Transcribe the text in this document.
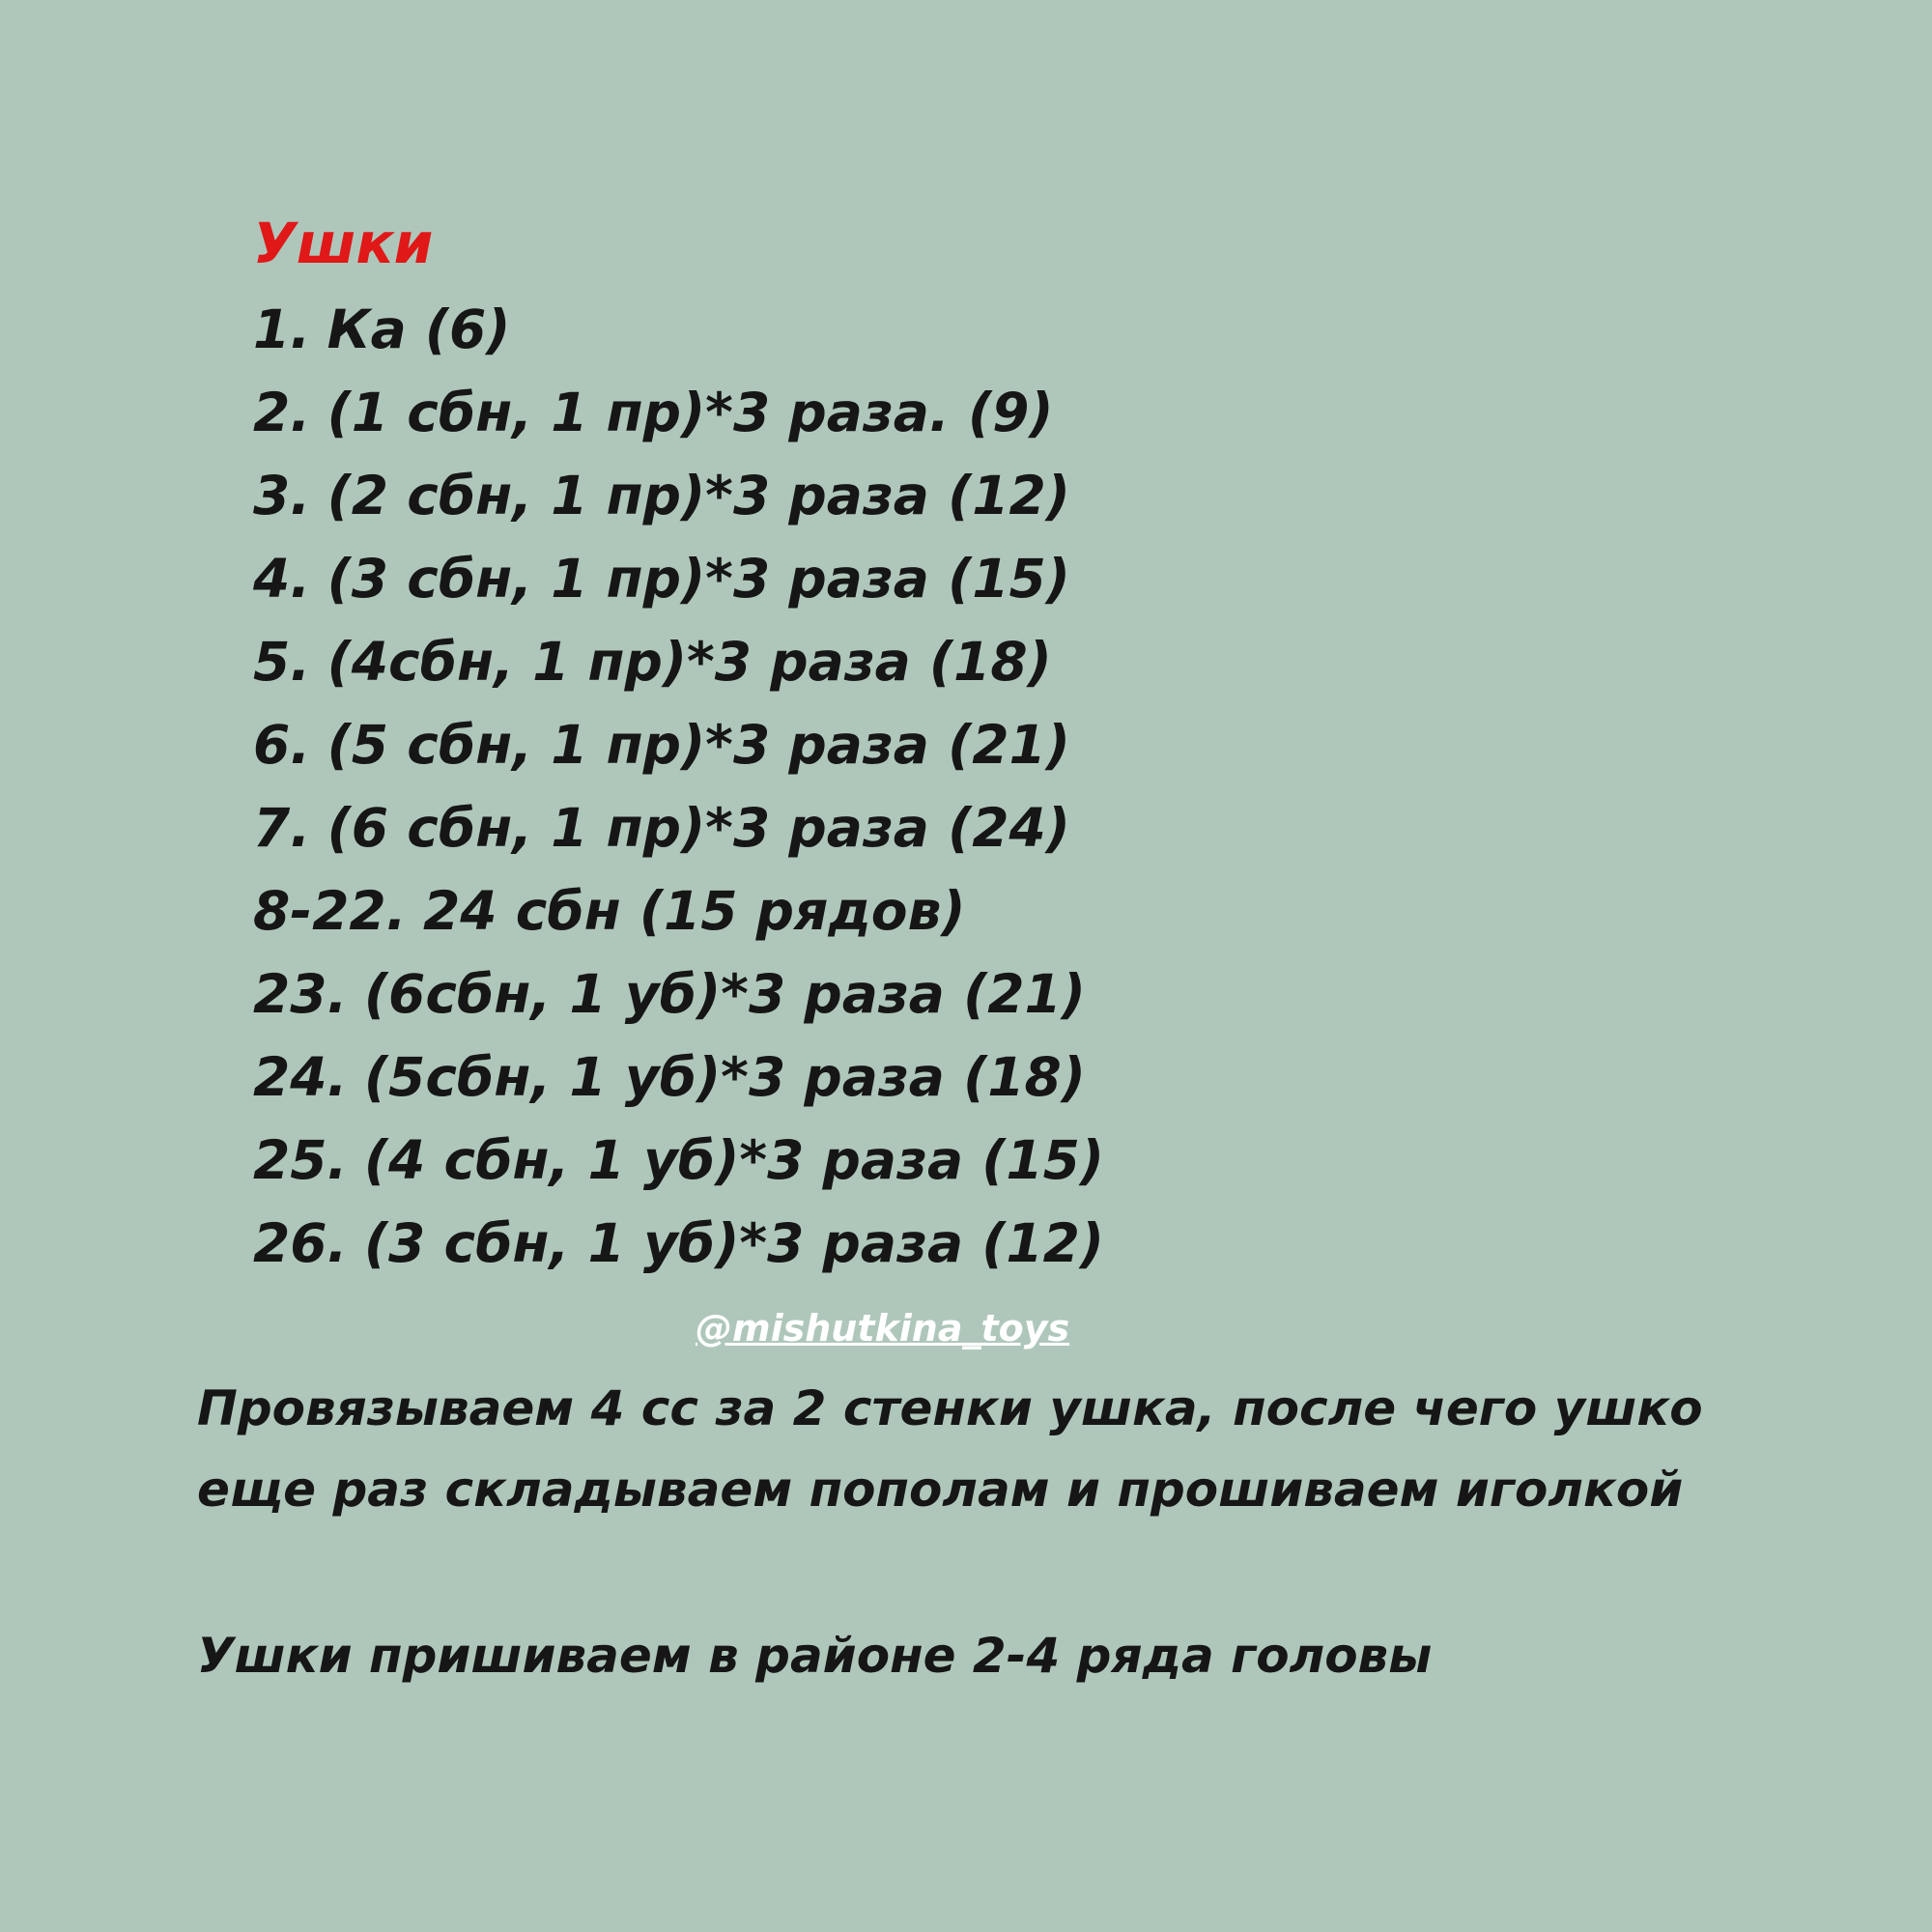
Ушки
1. Ка (6)
2. (1 сбн, 1 пр)*3 раза. (9)
3. (2 сбн, 1 пр)*3 раза (12)
4. (3 сбн, 1 пр)*3 раза (15)
5. (4сбн, 1 пр)*3 раза (18)
6. (5 сбн, 1 пр)*3 раза (21)
7. (6 сбн, 1 пр)*3 раза (24)
8-22. 24 сбн (15 рядов)
23. (6сбн, 1 уб)*3 раза (21)
24. (5сбн, 1 уб)*3 раза (18)
25. (4 сбн, 1 уб)*3 раза (15)
26. (3 сбн, 1 уб)*3 раза (12)
@mishutkina_toys
Провязываем 4 сс за 2 стенки ушка, после чего ушко
еще раз складываем пополам и прошиваем иголкой
Ушки пришиваем в районе 2-4 ряда головы
